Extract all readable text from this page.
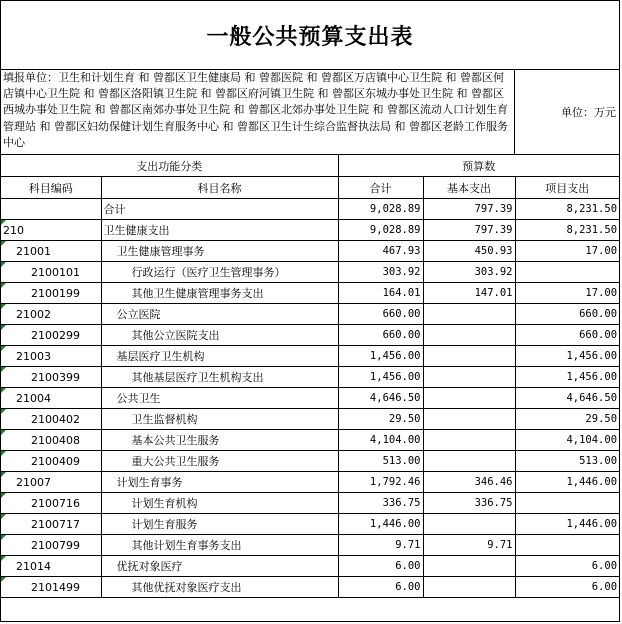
一般公共预算支出表
填报单位：卫生和计划生育 和 曾都区卫生健康局 和 曾都医院 和 曾都区万店镇中心卫生院 和 曾都区何店镇中心卫生院 和 曾都区洛阳镇卫生院 和 曾都区府河镇卫生院 和 曾都区东城办事处卫生院 和 曾都区西城办事处卫生院 和 曾都区南郊办事处卫生院 和 曾都区北郊办事处卫生院 和 曾都区流动人口计划生育管理站 和 曾都区妇幼保健计划生育服务中心 和 曾都区卫生计生综合监督执法局 和 曾都区老龄工作服务中心
单位：万元
支出功能分类		预算数		
科目编码	科目名称	合计	基本支出	项目支出
	合计	9,028.89	797.39	8,231.50
210	卫生健康支出	9,028.89	797.39	8,231.50
21001	卫生健康管理事务	467.93	450.93	17.00
2100101	行政运行（医疗卫生管理事务）	303.92	303.92	
2100199	其他卫生健康管理事务支出	164.01	147.01	17.00
21002	公立医院	660.00		660.00
2100299	其他公立医院支出	660.00		660.00
21003	基层医疗卫生机构	1,456.00		1,456.00
2100399	其他基层医疗卫生机构支出	1,456.00		1,456.00
21004	公共卫生	4,646.50		4,646.50
2100402	卫生监督机构	29.50		29.50
2100408	基本公共卫生服务	4,104.00		4,104.00
2100409	重大公共卫生服务	513.00		513.00
21007	计划生育事务	1,792.46	346.46	1,446.00
2100716	计划生育机构	336.75	336.75	
2100717	计划生育服务	1,446.00		1,446.00
2100799	其他计划生育事务支出	9.71	9.71	
21014	优抚对象医疗	6.00		6.00
2101499	其他优抚对象医疗支出	6.00		6.00
